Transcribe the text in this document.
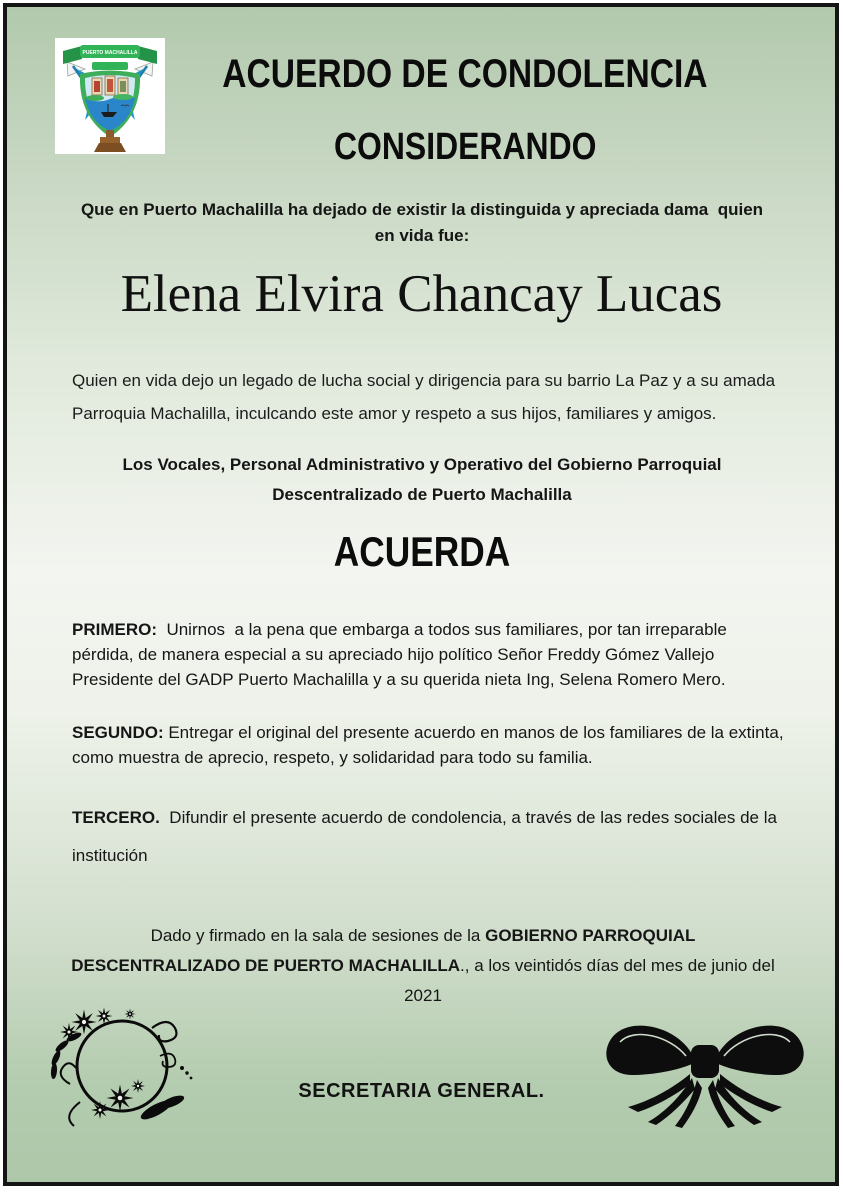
PUERTO MACHALILLA	ACUERDO DE CONDOLENCIA
CONSIDERANDO

Que en Puerto Machalilla ha dejado de existir la distinguida y apreciada dama  quien en vida fue:

Elena Elvira Chancay Lucas

Quien en vida dejo un legado de lucha social y dirigencia para su barrio La Paz y a su amada Parroquia Machalilla, inculcando este amor y respeto a sus hijos, familiares y amigos.

Los Vocales, Personal Administrativo y Operativo del Gobierno Parroquial Descentralizado de Puerto Machalilla

ACUERDA

PRIMERO:  Unirnos  a la pena que embarga a todos sus familiares, por tan irreparable pérdida, de manera especial a su apreciado hijo político Señor Freddy Gómez Vallejo Presidente del GADP Puerto Machalilla y a su querida nieta Ing, Selena Romero Mero.

SEGUNDO: Entregar el original del presente acuerdo en manos de los familiares de la extinta, como muestra de aprecio, respeto, y solidaridad para todo su familia.

TERCERO.  Difundir el presente acuerdo de condolencia, a través de las redes sociales de la institución

Dado y firmado en la sala de sesiones de la GOBIERNO PARROQUIAL DESCENTRALIZADO DE PUERTO MACHALILLA., a los veintidós días del mes de junio del 2021

SECRETARIA GENERAL.
